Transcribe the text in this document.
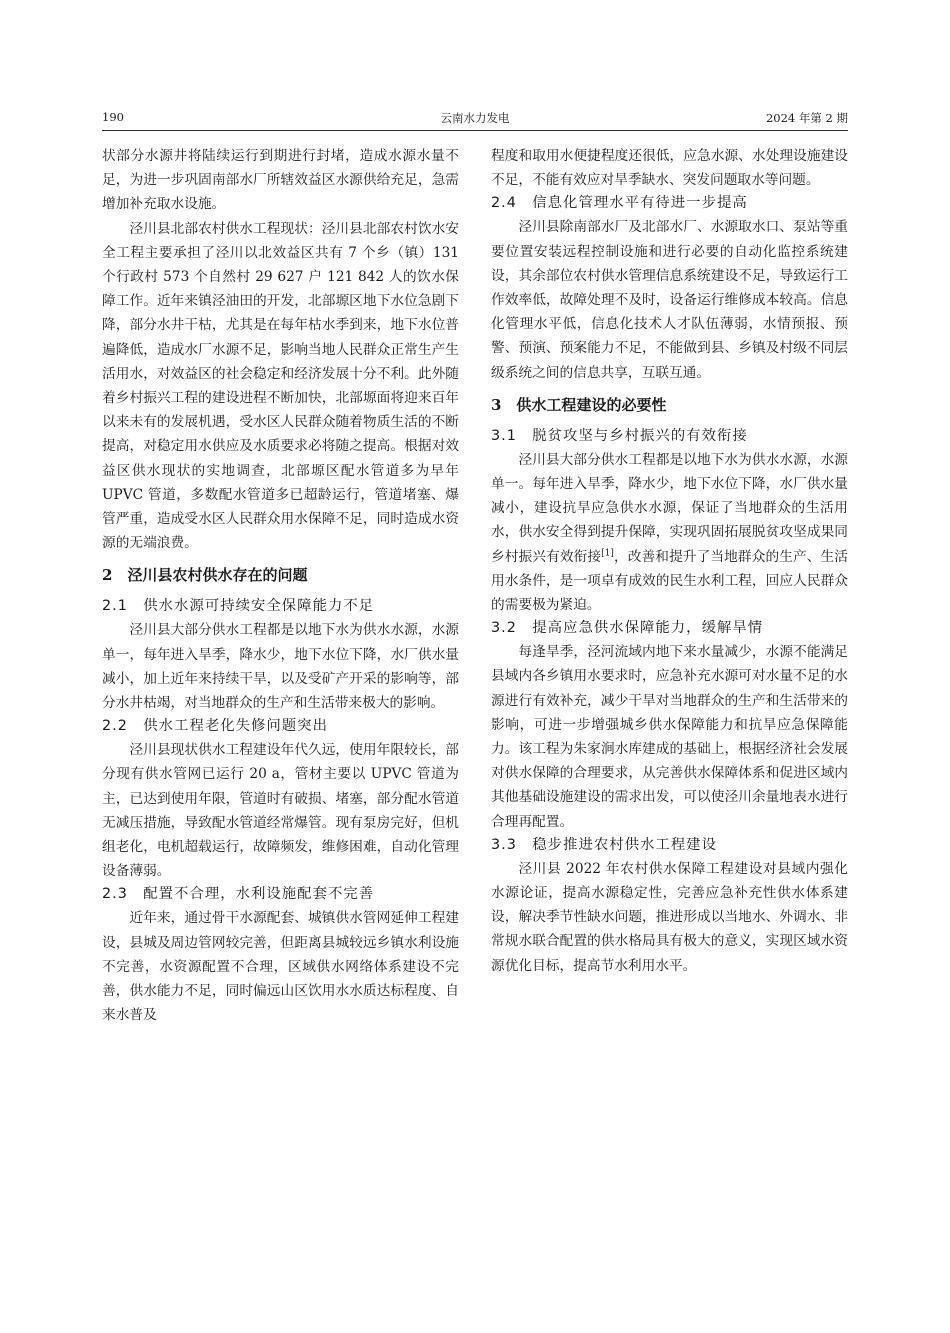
190	云南水力发电	2024 年第 2 期

状部分水源井将陆续运行到期进行封堵，造成水源水量不足，为进一步巩固南部水厂所辖效益区水源供给充足，急需增加补充取水设施。

泾川县北部农村供水工程现状：泾川县北部农村饮水安全工程主要承担了泾川以北效益区共有 7 个乡（镇）131 个行政村 573 个自然村 29 627 户 121 842 人的饮水保障工作。近年来镇泾油田的开发，北部塬区地下水位急剧下降，部分水井干枯，尤其是在每年枯水季到来，地下水位普遍降低，造成水厂水源不足，影响当地人民群众正常生产生活用水，对效益区的社会稳定和经济发展十分不利。此外随着乡村振兴工程的建设进程不断加快，北部塬面将迎来百年以来未有的发展机遇，受水区人民群众随着物质生活的不断提高，对稳定用水供应及水质要求必将随之提高。根据对效益区供水现状的实地调查，北部塬区配水管道多为早年 UPVC 管道，多数配水管道多已超龄运行，管道堵塞、爆管严重，造成受水区人民群众用水保障不足，同时造成水资源的无端浪费。

2　泾川县农村供水存在的问题
2.1　供水水源可持续安全保障能力不足

泾川县大部分供水工程都是以地下水为供水水源，水源单一，每年进入旱季，降水少，地下水位下降，水厂供水量减小，加上近年来持续干旱，以及受矿产开采的影响等，部分水井枯竭，对当地群众的生产和生活带来极大的影响。

2.2　供水工程老化失修问题突出

泾川县现状供水工程建设年代久远，使用年限较长，部分现有供水管网已运行 20 a，管材主要以 UPVC 管道为主，已达到使用年限，管道时有破损、堵塞，部分配水管道无减压措施，导致配水管道经常爆管。现有泵房完好，但机组老化，电机超载运行，故障频发，维修困难，自动化管理设备薄弱。

2.3　配置不合理，水利设施配套不完善

近年来，通过骨干水源配套、城镇供水管网延伸工程建设，县城及周边管网较完善，但距离县城较远乡镇水利设施不完善，水资源配置不合理，区域供水网络体系建设不完善，供水能力不足，同时偏远山区饮用水水质达标程度、自来水普及

程度和取用水便捷程度还很低，应急水源、水处理设施建设不足，不能有效应对旱季缺水、突发问题取水等问题。

2.4　信息化管理水平有待进一步提高

泾川县除南部水厂及北部水厂、水源取水口、泵站等重要位置安装远程控制设施和进行必要的自动化监控系统建设，其余部位农村供水管理信息系统建设不足，导致运行工作效率低，故障处理不及时，设备运行维修成本较高。信息化管理水平低，信息化技术人才队伍薄弱，水情预报、预警、预演、预案能力不足，不能做到县、乡镇及村级不同层级系统之间的信息共享，互联互通。

3　供水工程建设的必要性
3.1　脱贫攻坚与乡村振兴的有效衔接

泾川县大部分供水工程都是以地下水为供水水源，水源单一。每年进入旱季，降水少，地下水位下降，水厂供水量减小，建设抗旱应急供水水源，保证了当地群众的生活用水，供水安全得到提升保障，实现巩固拓展脱贫攻坚成果同乡村振兴有效衔接[1]，改善和提升了当地群众的生产、生活用水条件，是一项卓有成效的民生水利工程，回应人民群众的需要极为紧迫。

3.2　提高应急供水保障能力，缓解旱情

每逢旱季，泾河流域内地下来水量减少，水源不能满足县域内各乡镇用水要求时，应急补充水源可对水量不足的水源进行有效补充，减少干旱对当地群众的生产和生活带来的影响，可进一步增强城乡供水保障能力和抗旱应急保障能力。该工程为朱家涧水库建成的基础上，根据经济社会发展对供水保障的合理要求，从完善供水保障体系和促进区域内其他基础设施建设的需求出发，可以使泾川余量地表水进行合理再配置。

3.3　稳步推进农村供水工程建设

泾川县 2022 年农村供水保障工程建设对县域内强化水源论证，提高水源稳定性，完善应急补充性供水体系建设，解决季节性缺水问题，推进形成以当地水、外调水、非常规水联合配置的供水格局具有极大的意义，实现区域水资源优化目标，提高节水利用水平。
